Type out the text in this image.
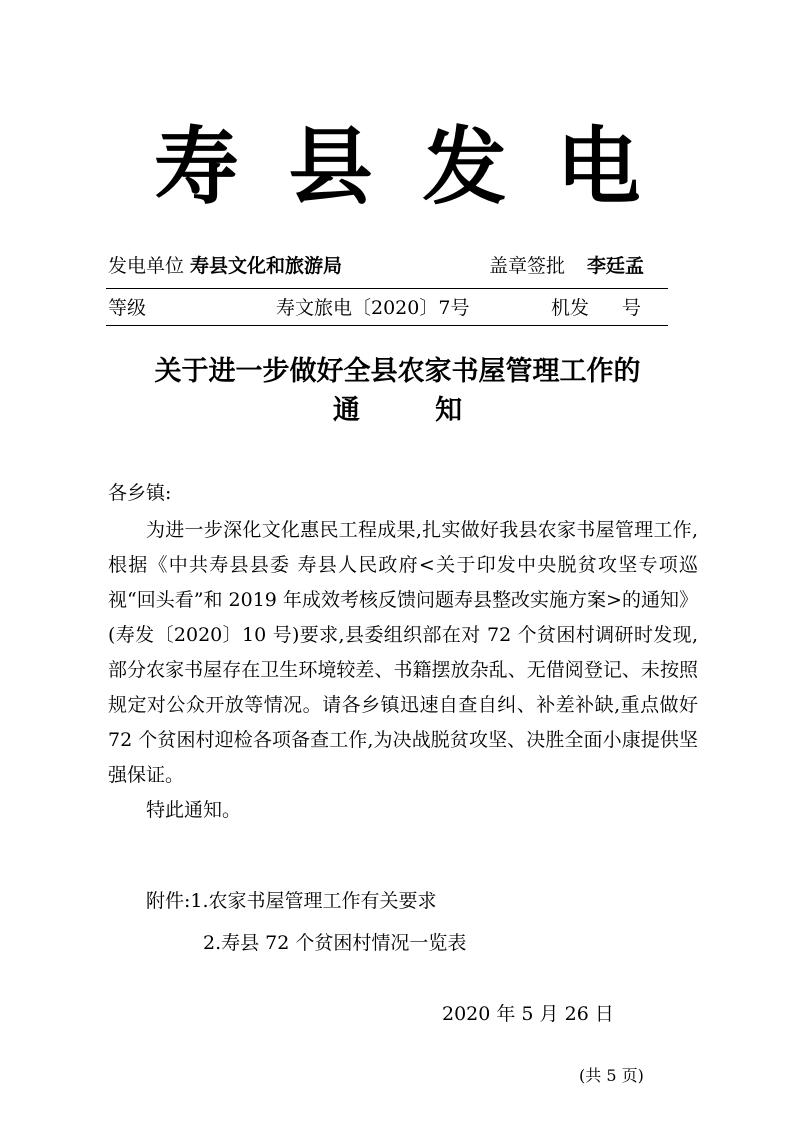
寿县发电
发电单位 寿县文化和旅游局	盖章签批 李廷孟
等级	寿文旅电〔2020〕7号	机发 号
关于进一步做好全县农家书屋管理工作的
通        知
各乡镇:

为进一步深化文化惠民工程成果,扎实做好我县农家书屋管理工作,根据《中共寿县县委 寿县人民政府<关于印发中央脱贫攻坚专项巡视“回头看”和 2019 年成效考核反馈问题寿县整改实施方案>的通知》(寿发〔2020〕10 号)要求,县委组织部在对 72 个贫困村调研时发现,部分农家书屋存在卫生环境较差、书籍摆放杂乱、无借阅登记、未按照规定对公众开放等情况。请各乡镇迅速自查自纠、补差补缺,重点做好 72 个贫困村迎检各项备查工作,为决战脱贫攻坚、决胜全面小康提供坚强保证。

特此通知。

附件:1.农家书屋管理工作有关要求
2.寿县 72 个贫困村情况一览表
2020 年 5 月 26 日
(共 5 页)
